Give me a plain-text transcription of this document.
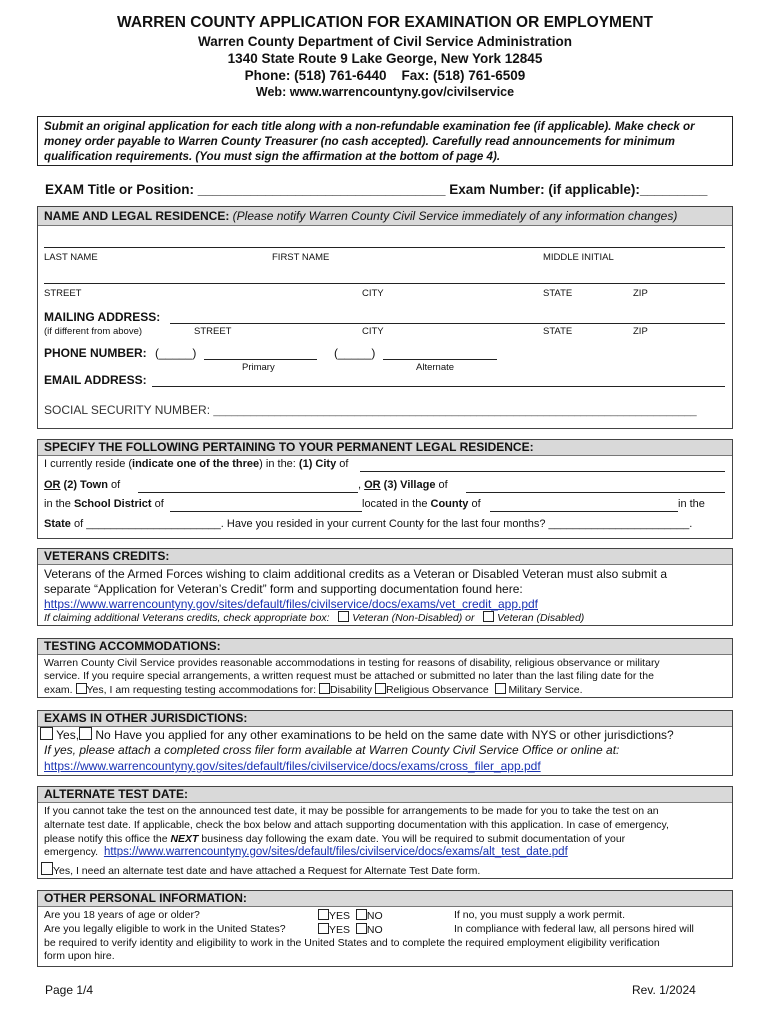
WARREN COUNTY APPLICATION FOR EXAMINATION OR EMPLOYMENT
Warren County Department of Civil Service Administration
1340 State Route 9 Lake George, New York 12845
Phone: (518) 761-6440    Fax: (518) 761-6509
Web: www.warrencountyny.gov/civilservice
Submit an original application for each title along with a non-refundable examination fee (if applicable). Make check or money order payable to Warren County Treasurer (no cash accepted). Carefully read announcements for minimum qualification requirements. (You must sign the affirmation at the bottom of page 4).
EXAM Title or Position: _________________________________ Exam Number: (if applicable):_________
NAME AND LEGAL RESIDENCE: (Please notify Warren County Civil Service immediately of any information changes)
LAST NAME	FIRST NAME	MIDDLE INITIAL
STREET	CITY	STATE	ZIP
MAILING ADDRESS:
(if different from above)	STREET	CITY	STATE	ZIP
PHONE NUMBER: (_____)
Primary
(_____)
Alternate
EMAIL ADDRESS:
SOCIAL SECURITY NUMBER: _______________________________________________________________________________
SPECIFY THE FOLLOWING PERTAINING TO YOUR PERMANENT LEGAL RESIDENCE:
I currently reside (indicate one of the three) in the: (1) City of
OR (2) Town of	, OR (3) Village of
in the School District of	located in the County of	in the
State of ______________________. Have you resided in your current County for the last four months? _______________________.
VETERANS CREDITS:
Veterans of the Armed Forces wishing to claim additional credits as a Veteran or Disabled Veteran must also submit a
separate “Application for Veteran’s Credit” form and supporting documentation found here:
https://www.warrencountyny.gov/sites/default/files/civilservice/docs/exams/vet_credit_app.pdf
If claiming additional Veterans credits, check appropriate box:    Veteran (Non-Disabled) or    Veteran (Disabled)
TESTING ACCOMMODATIONS:
Warren County Civil Service provides reasonable accommodations in testing for reasons of disability, religious observance or military
service. If you require special arrangements, a written request must be attached or submitted no later than the last filing date for the
exam. Yes, I am requesting testing accommodations for: Disability Religious Observance Military Service.
EXAMS IN OTHER JURISDICTIONS:
Yes, No Have you applied for any other examinations to be held on the same date with NYS or other jurisdictions?
If yes, please attach a completed cross filer form available at Warren County Civil Service Office or online at:
https://www.warrencountyny.gov/sites/default/files/civilservice/docs/exams/cross_filer_app.pdf
ALTERNATE TEST DATE:
If you cannot take the test on the announced test date, it may be possible for arrangements to be made for you to take the test on an
alternate test date. If applicable, check the box below and attach supporting documentation with this application. In case of emergency,
please notify this office the NEXT business day following the exam date. You will be required to submit documentation of your
emergency. https://www.warrencountyny.gov/sites/default/files/civilservice/docs/exams/alt_test_date.pdf
Yes, I need an alternate test date and have attached a Request for Alternate Test Date form.
OTHER PERSONAL INFORMATION:
Are you 18 years of age or older?	YES NO	If no, you must supply a work permit.
Are you legally eligible to work in the United States?	YES NO	In compliance with federal law, all persons hired will
be required to verify identity and eligibility to work in the United States and to complete the required employment eligibility verification
form upon hire.
Page 1/4	Rev. 1/2024
